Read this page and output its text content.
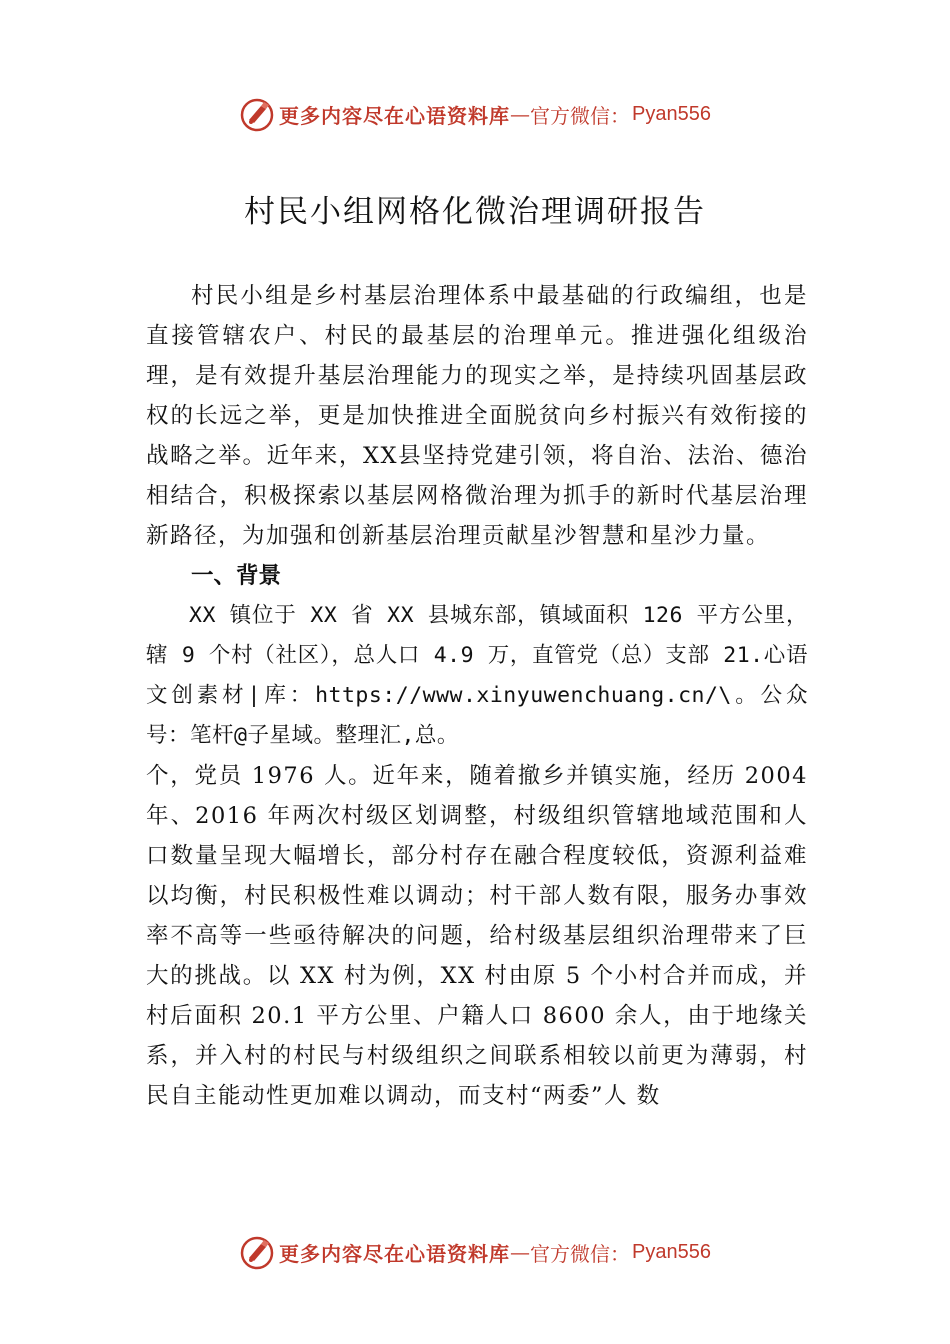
更多内容尽在心语资料库 — 官方微信： Pyan556
村民小组网格化微治理调研报告

村民小组是乡村基层治理体系中最基础的行政编组，也是直接管辖农户、村民的最基层的治理单元。推进强化组级治理，是有效提升基层治理能力的现实之举，是持续巩固基层政权的长远之举，更是加快推进全面脱贫向乡村振兴有效衔接的战略之举。近年来，XX县坚持党建引领，将自治、法治、德治相结合，积极探索以基层网格微治理为抓手的新时代基层治理新路径，为加强和创新基层治理贡献星沙智慧和星沙力量。

一、背景

XX 镇位于 XX 省 XX 县城东部，镇域面积 126 平方公里，辖 9 个村（社区），总人口 4.9 万，直管党（总）支部 21.心语文创素材|库：https://www.xinyuwenchuang.cn/\。公众号：笔杆@子星域。整理汇,总。

个，党员 1976 人。近年来，随着撤乡并镇实施，经历 2004 年、2016 年两次村级区划调整，村级组织管辖地域范围和人口数量呈现大幅增长，部分村存在融合程度较低，资源利益难以均衡，村民积极性难以调动；村干部人数有限，服务办事效率不高等一些亟待解决的问题，给村级基层组织治理带来了巨大的挑战。以 XX 村为例，XX 村由原 5 个小村合并而成，并村后面积 20.1 平方公里、户籍人口 8600 余人，由于地缘关系，并入村的村民与村级组织之间联系相较以前更为薄弱，村民自主能动性更加难以调动，而支村“两委”人 数

更多内容尽在心语资料库 — 官方微信： Pyan556
